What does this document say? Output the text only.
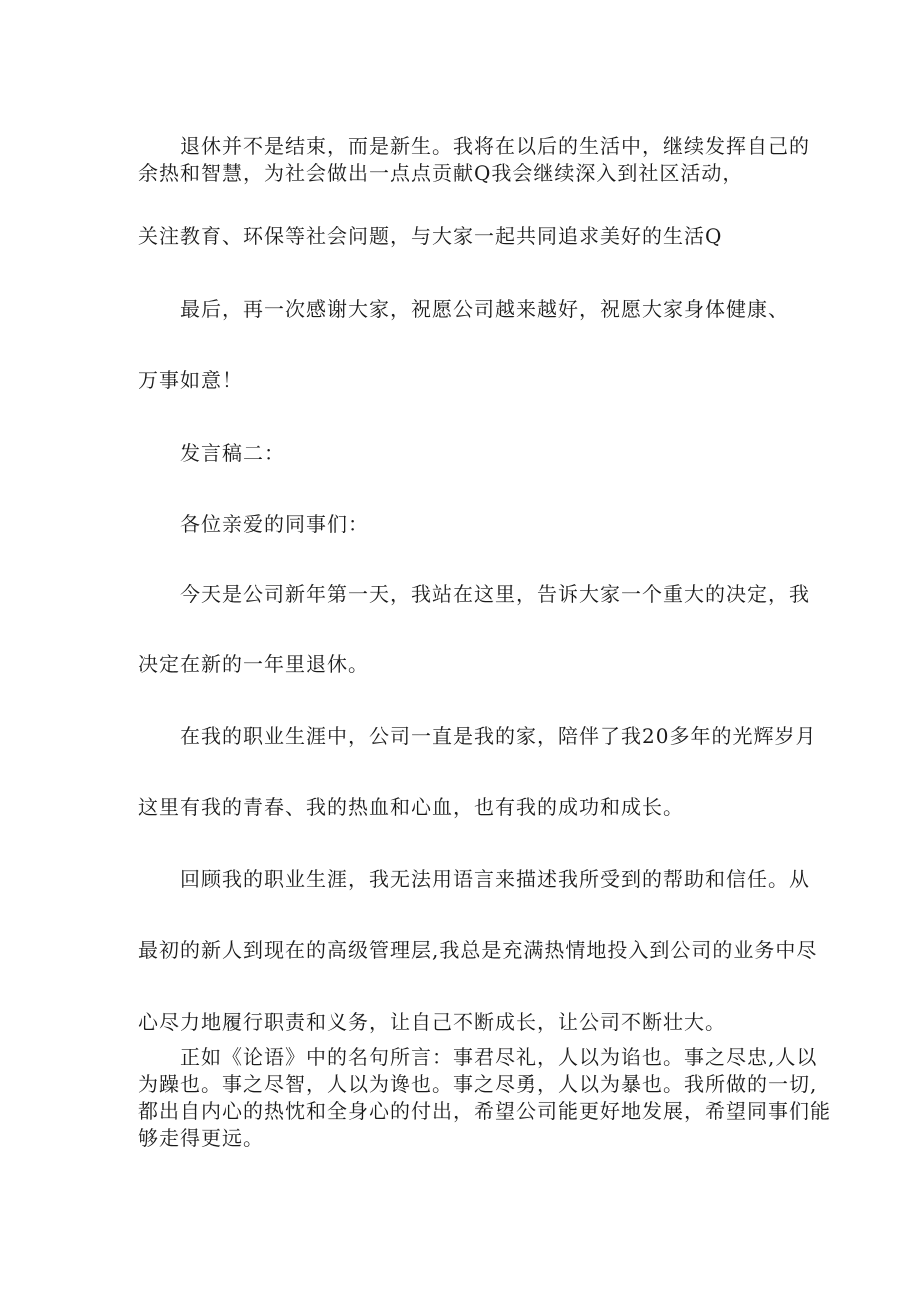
退休并不是结束，而是新生。我将在以后的生活中，继续发挥自己的
余热和智慧，为社会做出一点点贡献Q我会继续深入到社区活动，
关注教育、环保等社会问题，与大家一起共同追求美好的生活Q
最后，再一次感谢大家，祝愿公司越来越好，祝愿大家身体健康、
万事如意！
发言稿二：
各位亲爱的同事们：
今天是公司新年第一天，我站在这里，告诉大家一个重大的决定，我
决定在新的一年里退休。
在我的职业生涯中，公司一直是我的家，陪伴了我20多年的光辉岁月
这里有我的青春、我的热血和心血，也有我的成功和成长。
回顾我的职业生涯，我无法用语言来描述我所受到的帮助和信任。从
最初的新人到现在的高级管理层,我总是充满热情地投入到公司的业务中尽
心尽力地履行职责和义务，让自己不断成长，让公司不断壮大。
正如《论语》中的名句所言：事君尽礼，人以为谄也。事之尽忠,人以
为躁也。事之尽智，人以为谗也。事之尽勇，人以为暴也。我所做的一切,
都出自内心的热忱和全身心的付出，希望公司能更好地发展，希望同事们能
够走得更远。
